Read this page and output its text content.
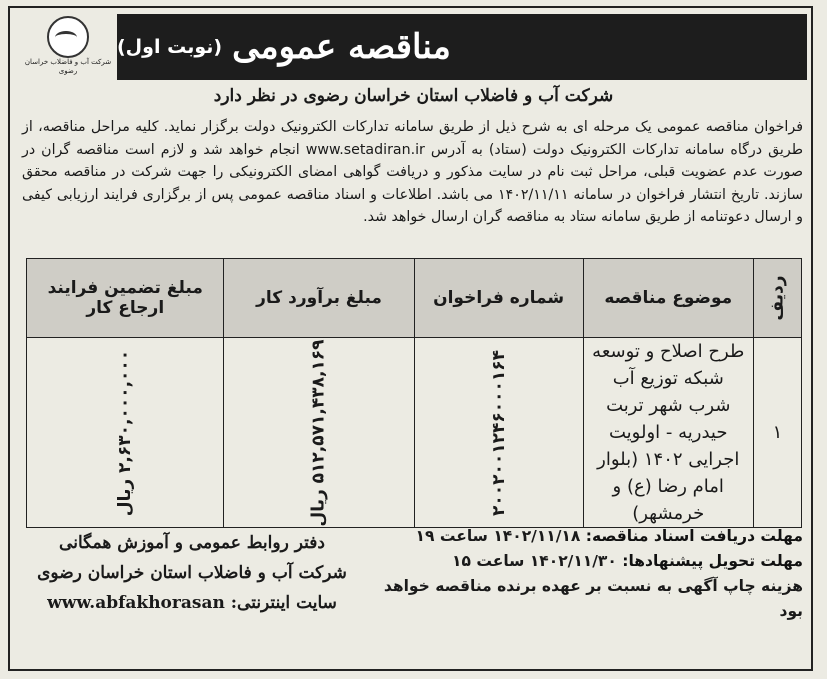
شرکت آب و فاضلاب خراسان رضوی
مناقصه عمومی
(نوبت اول)
شرکت آب و فاضلاب استان خراسان رضوی در نظر دارد
فراخوان مناقصه عمومی یک مرحله ای به شرح ذیل از طریق سامانه تدارکات الکترونیک دولت برگزار نماید. کلیه مراحل مناقصه، از طریق درگاه سامانه تدارکات الکترونیک دولت (ستاد) به آدرس www.setadiran.ir انجام خواهد شد و لازم است مناقصه گران در صورت عدم عضویت قبلی، مراحل ثبت نام در سایت مذکور و دریافت گواهی امضای الکترونیکی را جهت شرکت در مناقصه محقق سازند. تاریخ انتشار فراخوان در سامانه ۱۴۰۲/۱۱/۱۱ می باشد. اطلاعات و اسناد مناقصه عمومی پس از برگزاری فرایند ارزیابی کیفی و ارسال دعوتنامه از طریق سامانه ستاد به مناقصه گران ارسال خواهد شد.
ردیف	موضوع مناقصه	شماره فراخوان	مبلغ برآورد کار	مبلغ تضمین فرایند ارجاع کار
۱	طرح اصلاح و توسعه شبکه توزیع آب شرب شهر تربت حیدریه - اولویت اجرایی ۱۴۰۲ (بلوار امام رضا (ع) و خرمشهر)	۲۰۰۲۰۰۱۲۴۶۰۰۰۱۶۴	۵۱۲,۵۷۱,۴۳۸,۱۶۹ ریال	۲,۶۳۰,۰۰۰,۰۰۰ ریال
مهلت دریافت اسناد مناقصه: ۱۴۰۲/۱۱/۱۸ ساعت ۱۹
مهلت تحویل پیشنهادها: ۱۴۰۲/۱۱/۳۰ ساعت ۱۵
هزینه چاپ آگهی به نسبت بر عهده برنده مناقصه خواهد بود
دفتر روابط عمومی و آموزش همگانی
شرکت آب و فاضلاب استان خراسان رضوی
سایت اینترنتی: www.abfakhorasan
